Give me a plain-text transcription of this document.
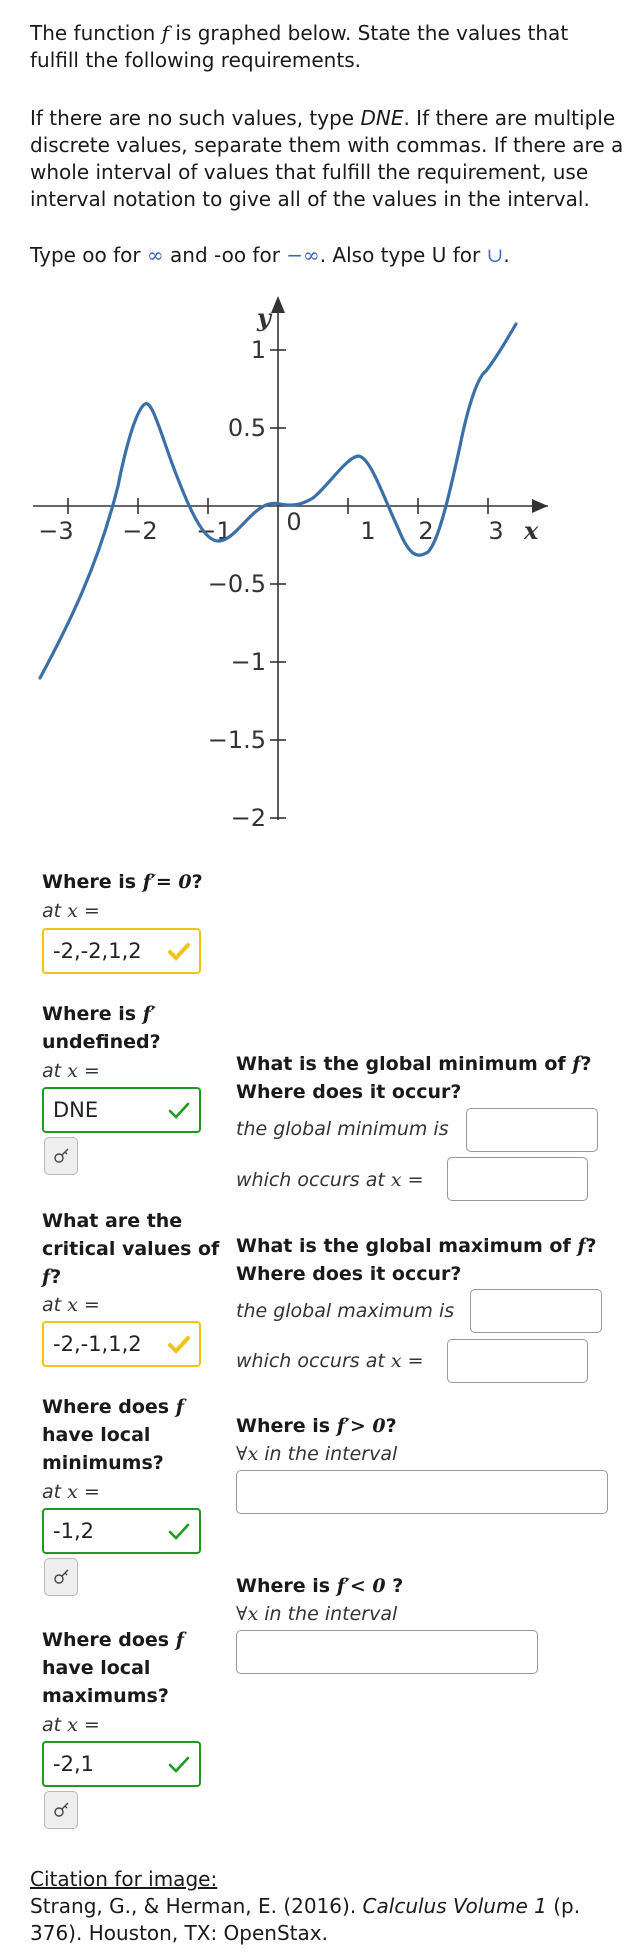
The function f is graphed below. State the values that

fulfill the following requirements.

If there are no such values, type DNE. If there are multiple

discrete values, separate them with commas. If there are a

whole interval of values that fulfill the requirement, use

interval notation to give all of the values in the interval.

Type oo for ∞ and -oo for −∞. Also type U for ∪.

−3 −2 −1 0 1 2 3 x
y
1
0.5
−0.5
−1
−1.5
−2

Where is f′= 0?

at x =
-2,-2,1,2

Where is f′
undefined?

at x =
DNE

What are the
critical values of
f?

at x =
-2,-1,1,2

Where does f
have local
minimums?

at x =
-1,2

Where does f
have local
maximums?

at x =
-2,1

What is the global minimum of f?
Where does it occur?

the global minimum is
which occurs at x =

What is the global maximum of f?
Where does it occur?

the global maximum is
which occurs at x =

Where is f′> 0?

∀x in the interval

Where is f′< 0 ?

∀x in the interval

Citation for image:

Strang, G., & Herman, E. (2016). Calculus Volume 1 (p.

376). Houston, TX: OpenStax.
